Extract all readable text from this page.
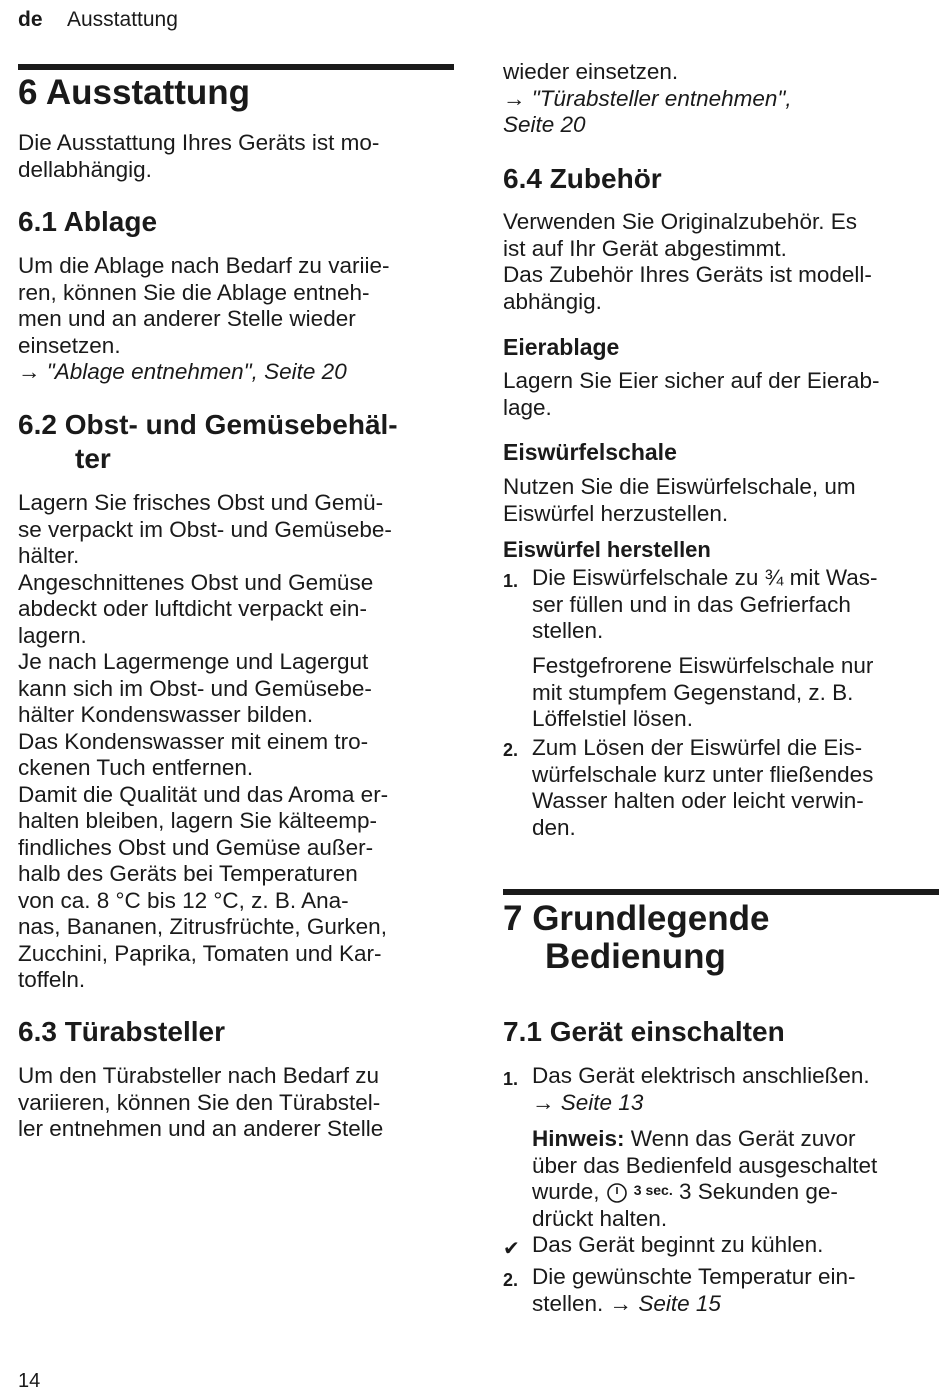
de Ausstattung
6 Ausstattung
Die Ausstattung Ihres Geräts ist mo-
dellabhängig.
6.1 Ablage
Um die Ablage nach Bedarf zu variie-
ren, können Sie die Ablage entneh-
men und an anderer Stelle wieder
einsetzen.
→ "Ablage entnehmen", Seite 20
6.2 Obst- und Gemüsebehäl-
ter
Lagern Sie frisches Obst und Gemü-
se verpackt im Obst- und Gemüsebe-
hälter.
Angeschnittenes Obst und Gemüse
abdeckt oder luftdicht verpackt ein-
lagern.
Je nach Lagermenge und Lagergut
kann sich im Obst- und Gemüsebe-
hälter Kondenswasser bilden.
Das Kondenswasser mit einem tro-
ckenen Tuch entfernen.
Damit die Qualität und das Aroma er-
halten bleiben, lagern Sie kälteemp-
findliches Obst und Gemüse außer-
halb des Geräts bei Temperaturen
von ca. 8 °C bis 12 °C, z. B. Ana-
nas, Bananen, Zitrusfrüchte, Gurken,
Zucchini, Paprika, Tomaten und Kar-
toffeln.
6.3 Türabsteller
Um den Türabsteller nach Bedarf zu
variieren, können Sie den Türabstel-
ler entnehmen und an anderer Stelle
wieder einsetzen.
→ "Türabsteller entnehmen",
Seite 20
6.4 Zubehör
Verwenden Sie Originalzubehör. Es
ist auf Ihr Gerät abgestimmt.
Das Zubehör Ihres Geräts ist modell-
abhängig.
Eierablage
Lagern Sie Eier sicher auf der Eierab-
lage.
Eiswürfelschale
Nutzen Sie die Eiswürfelschale, um
Eiswürfel herzustellen.
Eiswürfel herstellen
1. Die Eiswürfelschale zu ¾ mit Was-
ser füllen und in das Gefrierfach
stellen.
Festgefrorene Eiswürfelschale nur
mit stumpfem Gegenstand, z. B.
Löffelstiel lösen.
2. Zum Lösen der Eiswürfel die Eis-
würfelschale kurz unter fließendes
Wasser halten oder leicht verwin-
den.
7 Grundlegende
Bedienung
7.1 Gerät einschalten
1. Das Gerät elektrisch anschließen.
→ Seite 13
Hinweis: Wenn das Gerät zuvor
über das Bedienfeld ausgeschaltet
wurde, $^{3 sec.}$ 3 Sekunden ge-
drückt halten.
✔ Das Gerät beginnt zu kühlen.
2. Die gewünschte Temperatur ein-
stellen. → Seite 15
14
